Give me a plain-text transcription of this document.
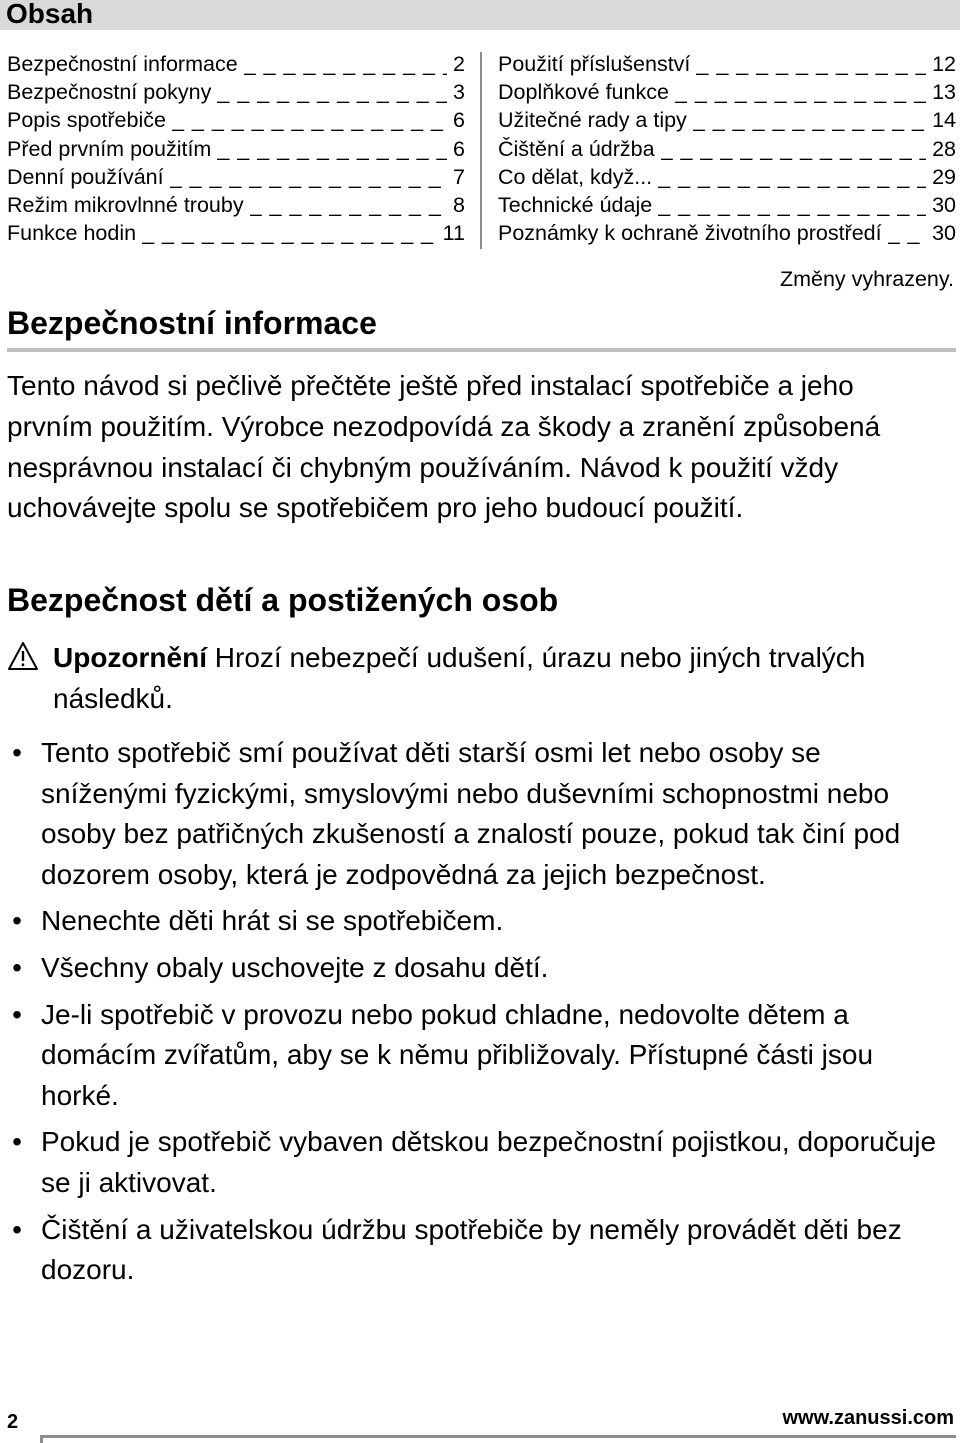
Obsah
Bezpečnostní informace _ _ _	2
Bezpečnostní pokyny _ _ _	3
Popis spotřebiče _ _ _	6
Před prvním použitím _ _ _	6
Denní používání _ _ _	7
Režim mikrovlnné trouby _ _ _	8
Funkce hodin _ _ _	11
Použití příslušenství _ _ _	12
Doplňkové funkce _ _ _	13
Užitečné rady a tipy _ _ _	14
Čištění a údržba _ _ _	28
Co dělat, když... _ _ _	29
Technické údaje _ _ _	30
Poznámky k ochraně životního prostředí _ _ _ 30
Změny vyhrazeny.
Bezpečnostní informace
Tento návod si pečlivě přečtěte ještě před instalací spotřebiče a jeho prvním použitím. Výrobce nezodpovídá za škody a zranění způsobená nesprávnou instalací či chybným používáním. Návod k použití vždy uchovávejte spolu se spotřebičem pro jeho budoucí použití.
Bezpečnost dětí a postižených osob
Upozornění Hrozí nebezpečí udušení, úrazu nebo jiných trvalých následků.
• Tento spotřebič smí používat děti starší osmi let nebo osoby se sníženými fyzickými, smyslovými nebo duševními schopnostmi nebo osoby bez patřičných zkušeností a znalostí pouze, pokud tak činí pod dozorem osoby, která je zodpovědná za jejich bezpečnost.
• Nenechte děti hrát si se spotřebičem.
• Všechny obaly uschovejte z dosahu dětí.
• Je-li spotřebič v provozu nebo pokud chladne, nedovolte dětem a domácím zvířatům, aby se k němu přibližovaly. Přístupné části jsou horké.
• Pokud je spotřebič vybaven dětskou bezpečnostní pojistkou, doporučuje se ji aktivovat.
• Čištění a uživatelskou údržbu spotřebiče by neměly provádět děti bez dozoru.
2	www.zanussi.com
